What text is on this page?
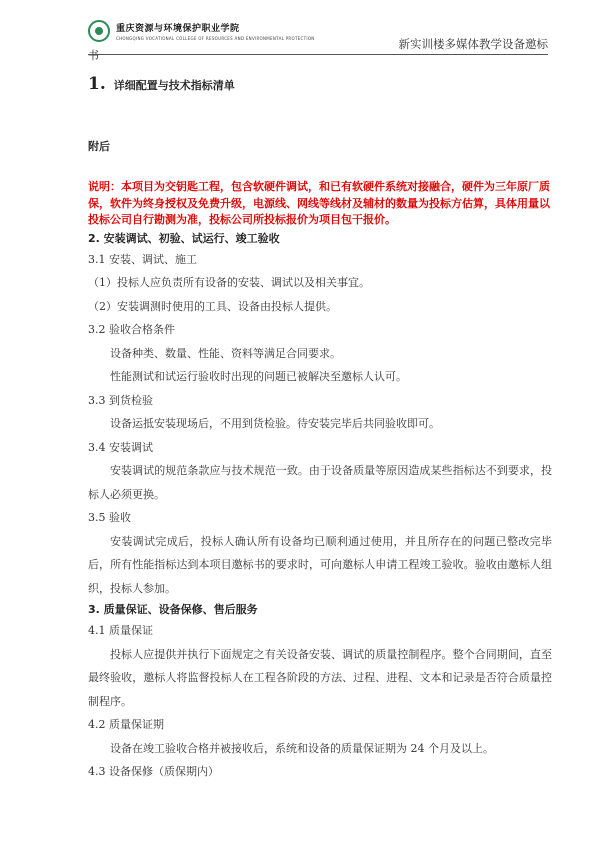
重庆资源与环境保护职业学院
CHONGQING VOCATIONAL COLLEGE OF RESOURCES AND ENVIRONMENTAL PROTECTION	新实训楼多媒体教学设备邀标
书
1. 详细配置与技术指标清单
附后
说明：本项目为交钥匙工程，包含软硬件调试，和已有软硬件系统对接融合，硬件为三年原厂质保，软件为终身授权及免费升级，电源线、网线等线材及辅材的数量为投标方估算，具体用量以投标公司自行勘测为准，投标公司所投标报价为项目包干报价。
2. 安装调试、初验、试运行、竣工验收
3.1 安装、调试、施工
（1）投标人应负责所有设备的安装、调试以及相关事宜。
（2）安装调测时使用的工具、设备由投标人提供。
3.2 验收合格条件
设备种类、数量、性能、资料等满足合同要求。
性能测试和试运行验收时出现的问题已被解决至邀标人认可。
3.3 到货检验
设备运抵安装现场后，不用到货检验。待安装完毕后共同验收即可。
3.4 安装调试
安装调试的规范条款应与技术规范一致。由于设备质量等原因造成某些指标达不到要求，投标人必须更换。
3.5 验收
安装调试完成后，投标人确认所有设备均已顺利通过使用，并且所存在的问题已整改完毕后，所有性能指标达到本项目邀标书的要求时，可向邀标人申请工程竣工验收。验收由邀标人组织，投标人参加。
3. 质量保证、设备保修、售后服务
4.1 质量保证
投标人应提供并执行下面规定之有关设备安装、调试的质量控制程序。整个合同期间，直至最终验收，邀标人将监督投标人在工程各阶段的方法、过程、进程、文本和记录是否符合质量控制程序。
4.2 质量保证期
设备在竣工验收合格并被接收后，系统和设备的质量保证期为 24 个月及以上。
4.3 设备保修（质保期内）
